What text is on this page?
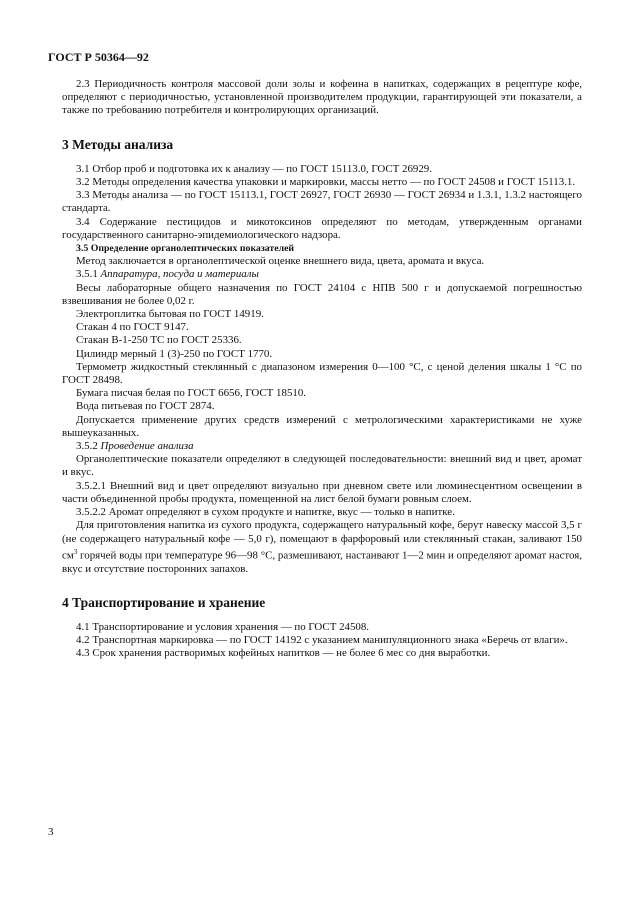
ГОСТ Р 50364—92

2.3 Периодичность контроля массовой доли золы и кофеина в напитках, содержащих в рецептуре кофе, определяют с периодичностью, установленной производителем продукции, гарантирующей эти показатели, а также по требованию потребителя и контролирующих организаций.

3 Методы анализа

3.1 Отбор проб и подготовка их к анализу — по ГОСТ 15113.0, ГОСТ 26929.

3.2 Методы определения качества упаковки и маркировки, массы нетто — по ГОСТ 24508 и ГОСТ 15113.1.

3.3 Методы анализа — по ГОСТ 15113.1, ГОСТ 26927, ГОСТ 26930 — ГОСТ 26934 и 1.3.1, 1.3.2 настоящего стандарта.

3.4 Содержание пестицидов и микотоксинов определяют по методам, утвержденным органами государственного санитарно-эпидемиологического надзора.

3.5 Определение органолептических показателей

Метод заключается в органолептической оценке внешнего вида, цвета, аромата и вкуса.

3.5.1 Аппаратура, посуда и материалы

Весы лабораторные общего назначения по ГОСТ 24104 с НПВ 500 г и допускаемой погрешностью взвешивания не более 0,02 г.

Электроплитка бытовая по ГОСТ 14919.

Стакан 4 по ГОСТ 9147.

Стакан В-1-250 ТС по ГОСТ 25336.

Цилиндр мерный 1 (3)-250 по ГОСТ 1770.

Термометр жидкостный стеклянный с диапазоном измерения 0—100 °С, с ценой деления шкалы 1 °С по ГОСТ 28498.

Бумага писчая белая по ГОСТ 6656, ГОСТ 18510.

Вода питьевая по ГОСТ 2874.

Допускается применение других средств измерений с метрологическими характеристиками не хуже вышеуказанных.

3.5.2 Проведение анализа

Органолептические показатели определяют в следующей последовательности: внешний вид и цвет, аромат и вкус.

3.5.2.1 Внешний вид и цвет определяют визуально при дневном свете или люминесцентном освещении в части объединенной пробы продукта, помещенной на лист белой бумаги ровным слоем.

3.5.2.2 Аромат определяют в сухом продукте и напитке, вкус — только в напитке.

Для приготовления напитка из сухого продукта, содержащего натуральный кофе, берут навеску массой 3,5 г (не содержащего натуральный кофе — 5,0 г), помещают в фарфоровый или стеклянный стакан, заливают 150 $см^3$ горячей воды при температуре 96—98 °С, размешивают, настаивают 1—2 мин и определяют аромат настоя, вкус и отсутствие посторонних запахов.

4 Транспортирование и хранение

4.1 Транспортирование и условия хранения — по ГОСТ 24508.

4.2 Транспортная маркировка — по ГОСТ 14192 с указанием манипуляционного знака «Беречь от влаги».

4.3 Срок хранения растворимых кофейных напитков — не более 6 мес со дня выработки.

3
